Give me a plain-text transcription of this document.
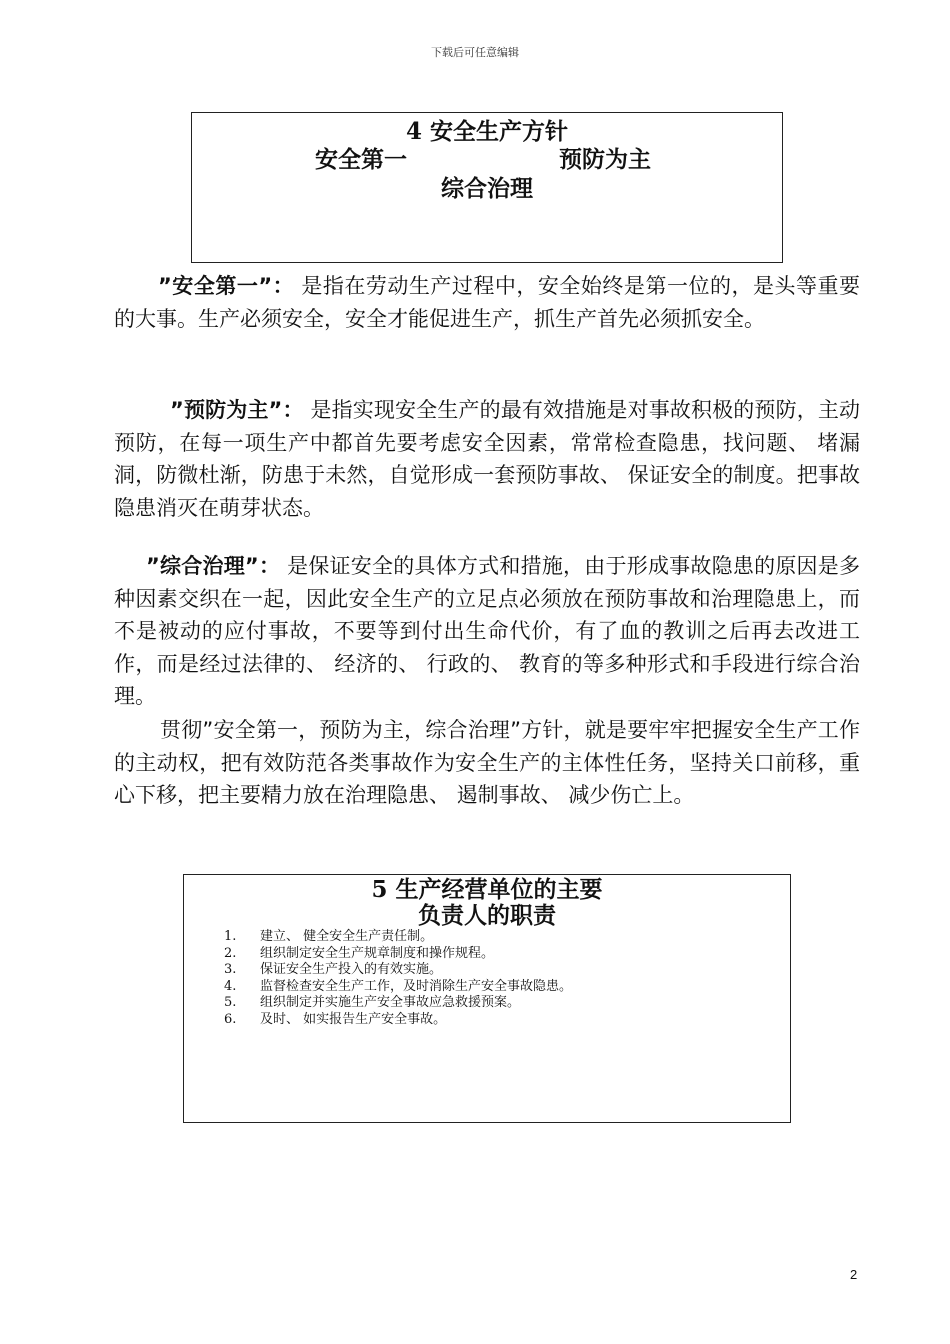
下载后可任意编辑
4 安全生产方针
安全第一	预防为主
综合治理

”安全第一”： 是指在劳动生产过程中，安全始终是第一位的，是头等重要的大事。生产必须安全，安全才能促进生产，抓生产首先必须抓安全。

”预防为主”： 是指实现安全生产的最有效措施是对事故积极的预防，主动预防，在每一项生产中都首先要考虑安全因素，常常检查隐患，找问题、 堵漏洞，防微杜渐，防患于未然，自觉形成一套预防事故、 保证安全的制度。把事故隐患消灭在萌芽状态。

”综合治理”： 是保证安全的具体方式和措施，由于形成事故隐患的原因是多种因素交织在一起，因此安全生产的立足点必须放在预防事故和治理隐患上，而不是被动的应付事故，不要等到付出生命代价，有了血的教训之后再去改进工作，而是经过法律的、 经济的、 行政的、 教育的等多种形式和手段进行综合治理。

贯彻”安全第一，预防为主，综合治理”方针，就是要牢牢把握安全生产工作的主动权，把有效防范各类事故作为安全生产的主体性任务，坚持关口前移，重心下移，把主要精力放在治理隐患、 遏制事故、 减少伤亡上。

5 生产经营单位的主要
负责人的职责
1.	建立、 健全安全生产责任制。
2.	组织制定安全生产规章制度和操作规程。
3.	保证安全生产投入的有效实施。
4.	监督检查安全生产工作，及时消除生产安全事故隐患。
5.	组织制定并实施生产安全事故应急救援预案。
6.	及时、 如实报告生产安全事故。
2
